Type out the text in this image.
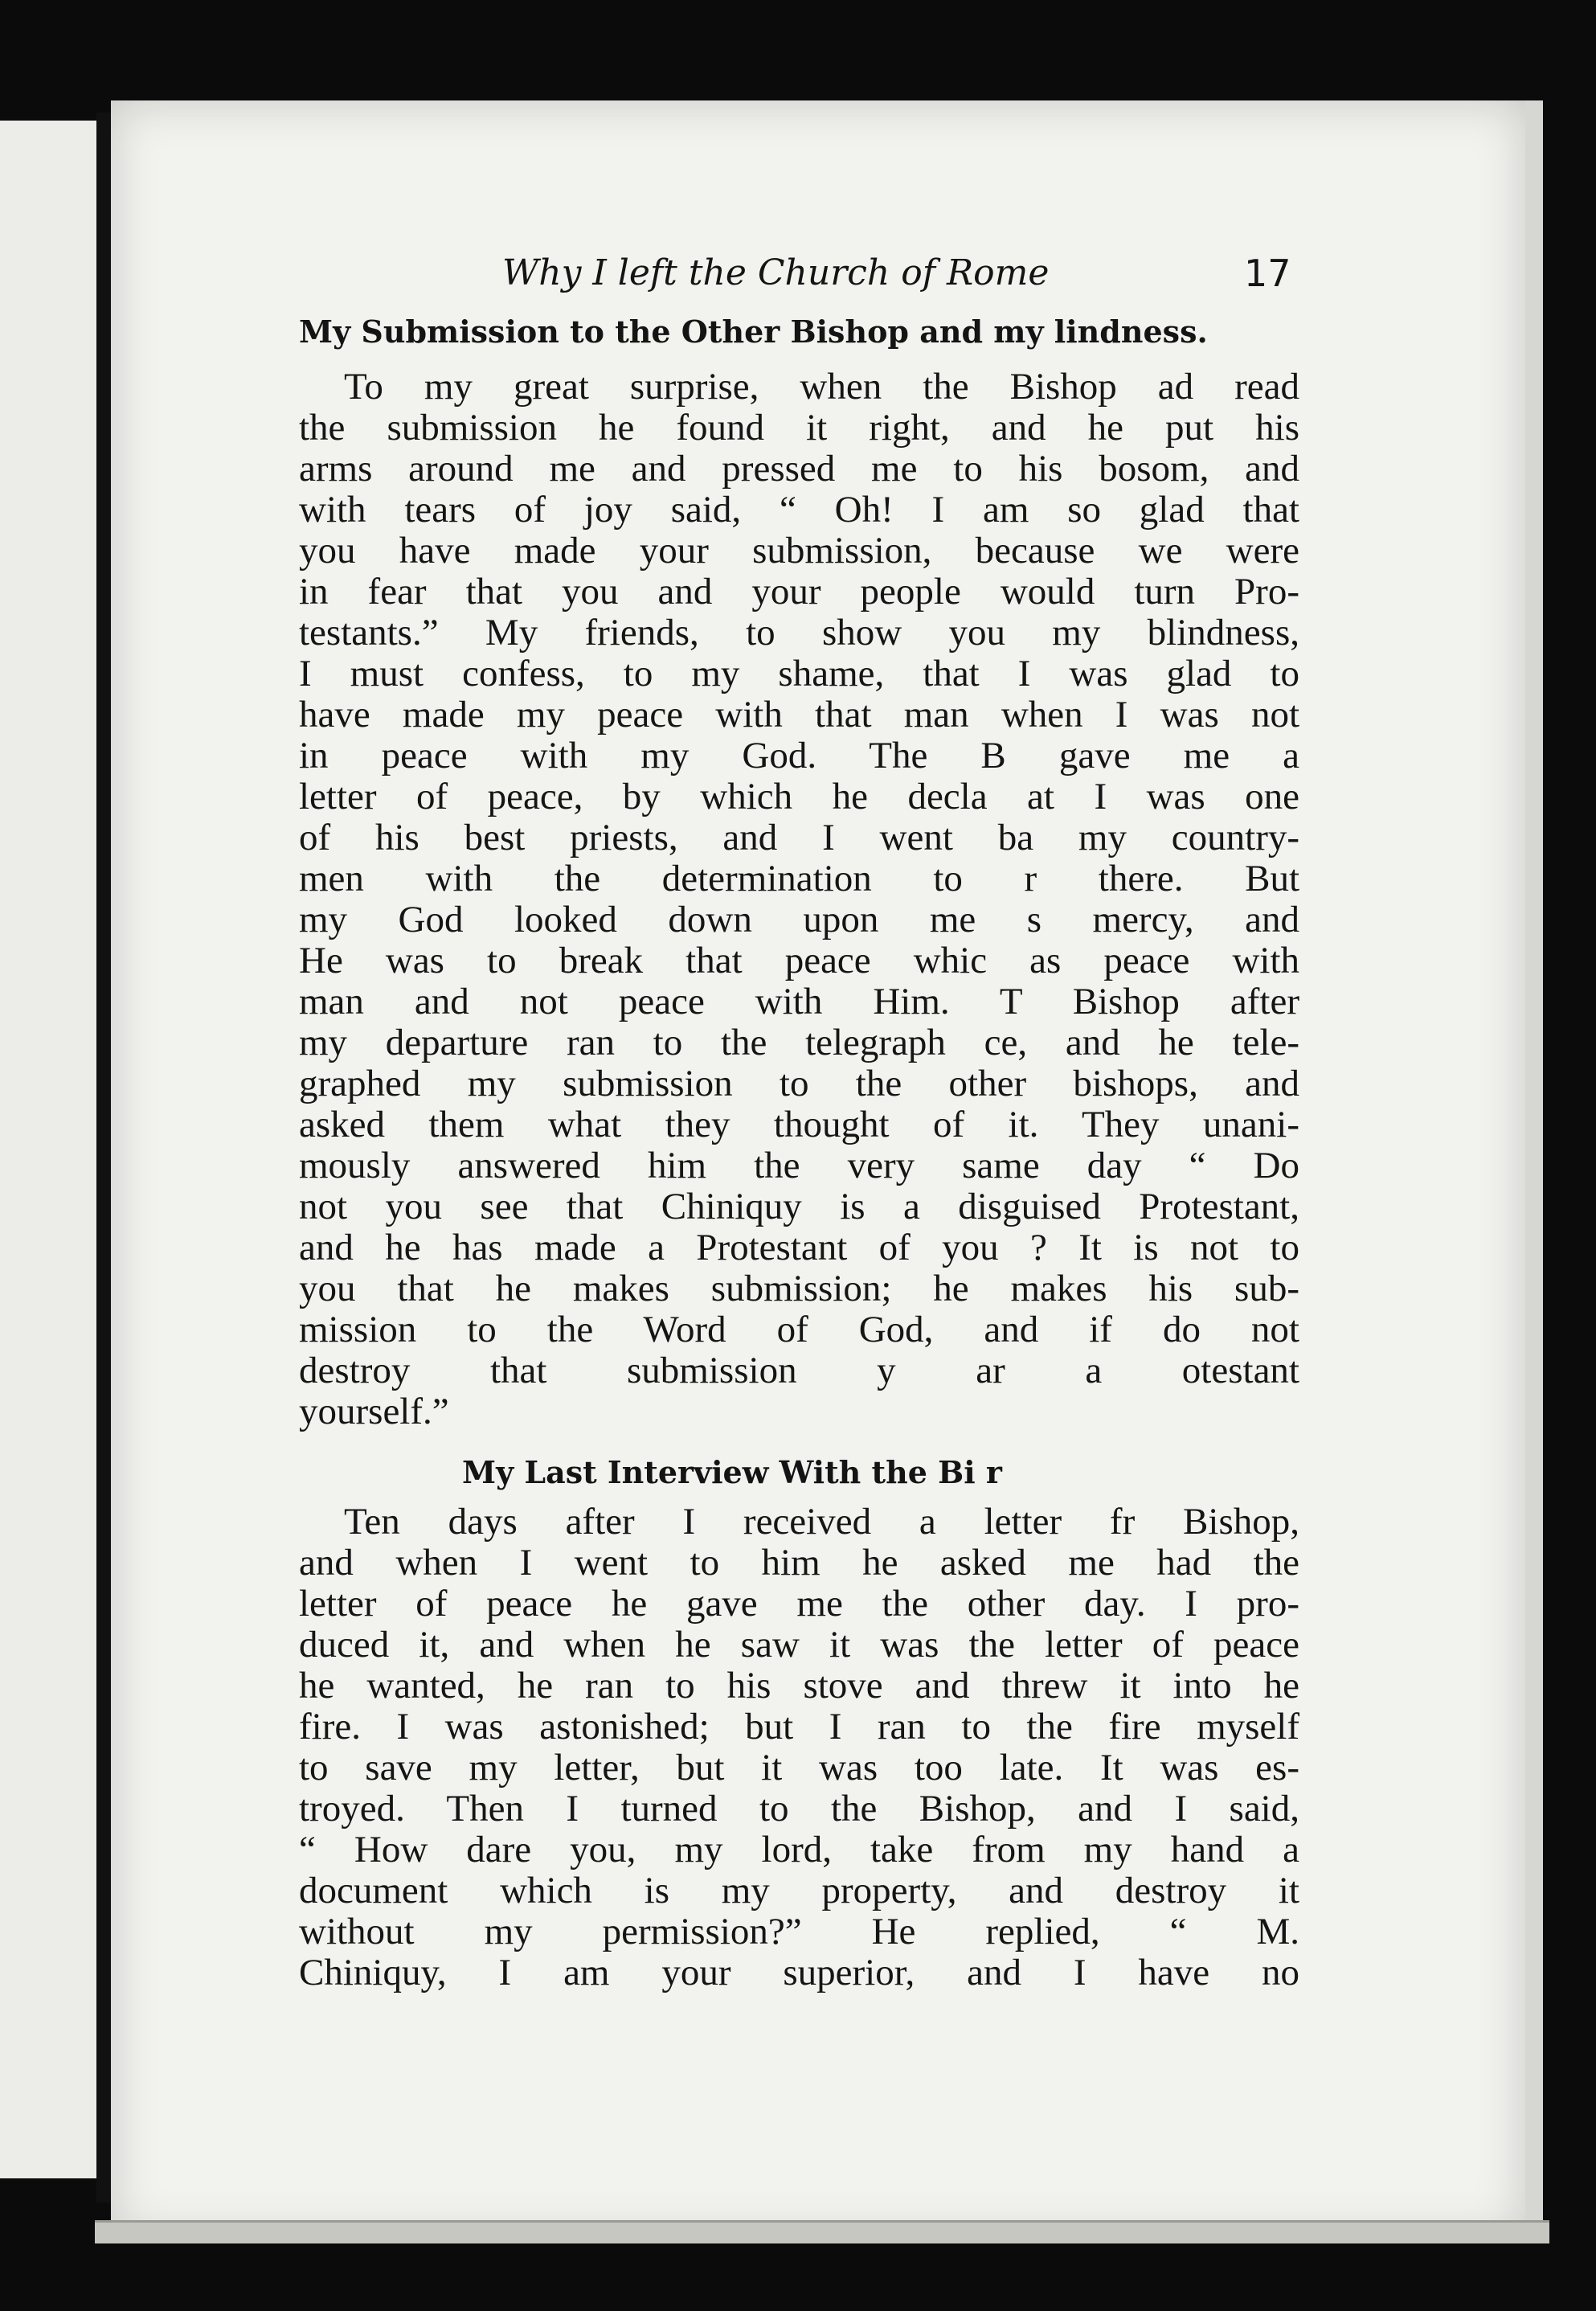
Why I left the Church of Rome	17
My Submission to the Other Bishop and my lindness.
To my great surprise, when the Bishop ad read
the submission he found it right, and he put his
arms around me and pressed me to his bosom, and
with tears of joy said, “ Oh! I am so glad that
you have made your submission, because we were
in fear that you and your people would turn Pro-
testants.” My friends, to show you my blindness,
I must confess, to my shame, that I was glad to
have made my peace with that man when I was not
in peace with my God. The B gave me a
letter of peace, by which he decla at I was one
of his best priests, and I went ba my country-
men with the determination to r there. But
my God looked down upon me s mercy, and
He was to break that peace whic as peace with
man and not peace with Him. T Bishop after
my departure ran to the telegraph ce, and he tele-
graphed my submission to the other bishops, and
asked them what they thought of it. They unani-
mously answered him the very same day “ Do
not you see that Chiniquy is a disguised Protestant,
and he has made a Protestant of you ? It is not to
you that he makes submission; he makes his sub-
mission to the Word of God, and if do not
destroy that submission y ar a otestant
yourself.”
My Last Interview With the Bi r
Ten days after I received a letter fr Bishop,
and when I went to him he asked me had the
letter of peace he gave me the other day. I pro-
duced it, and when he saw it was the letter of peace
he wanted, he ran to his stove and threw it into he
fire. I was astonished; but I ran to the fire myself
to save my letter, but it was too late. It was es-
troyed. Then I turned to the Bishop, and I said,
“ How dare you, my lord, take from my hand a
document which is my property, and destroy it
without my permission?” He replied, “ M.
Chiniquy, I am your superior, and I have no
